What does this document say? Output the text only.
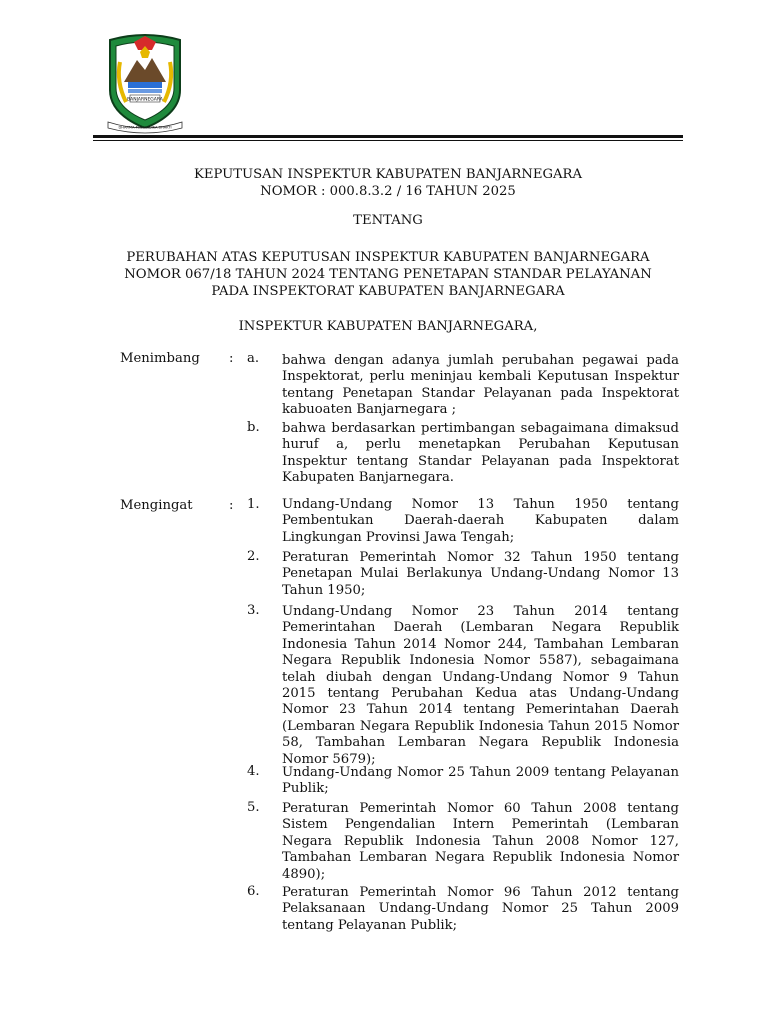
BANJARNEGARA
DHARMA MAHARDIKA BHAKTI
KEPUTUSAN INSPEKTUR KABUPATEN BANJARNEGARA
NOMOR : 000.8.3.2 / 16 TAHUN 2025
TENTANG
PERUBAHAN ATAS KEPUTUSAN INSPEKTUR KABUPATEN BANJARNEGARA
NOMOR 067/18 TAHUN 2024 TENTANG PENETAPAN STANDAR PELAYANAN
PADA INSPEKTORAT KABUPATEN BANJARNEGARA
INSPEKTUR KABUPATEN BANJARNEGARA,
Menimbang : a. bahwa dengan adanya jumlah perubahan pegawai pada Inspektorat, perlu meninjau kembali Keputusan Inspektur tentang Penetapan Standar Pelayanan pada Inspektorat kabuoaten Banjarnegara ;

b. bahwa berdasarkan pertimbangan sebagaimana dimaksud huruf a, perlu menetapkan Perubahan Keputusan Inspektur tentang Standar Pelayanan pada Inspektorat Kabupaten Banjarnegara.

Mengingat	: 1. Undang-Undang Nomor 13 Tahun 1950 tentang Pembentukan Daerah-daerah Kabupaten dalam Lingkungan Provinsi Jawa Tengah;

2. Peraturan Pemerintah Nomor 32 Tahun 1950 tentang Penetapan Mulai Berlakunya Undang-Undang Nomor 13 Tahun 1950;

3. Undang-Undang Nomor 23 Tahun 2014 tentang Pemerintahan Daerah (Lembaran Negara Republik Indonesia Tahun 2014 Nomor 244, Tambahan Lembaran Negara Republik Indonesia Nomor 5587), sebagaimana telah diubah dengan Undang-Undang Nomor 9 Tahun 2015 tentang Perubahan Kedua atas Undang-Undang Nomor 23 Tahun 2014 tentang Pemerintahan Daerah (Lembaran Negara Republik Indonesia Tahun 2015 Nomor 58, Tambahan Lembaran Negara Republik Indonesia Nomor 5679);

4. Undang-Undang Nomor 25 Tahun 2009 tentang Pelayanan Publik;

5. Peraturan Pemerintah Nomor 60 Tahun 2008 tentang Sistem Pengendalian Intern Pemerintah (Lembaran Negara Republik Indonesia Tahun 2008 Nomor 127, Tambahan Lembaran Negara Republik Indonesia Nomor 4890);

6. Peraturan Pemerintah Nomor 96 Tahun 2012 tentang Pelaksanaan Undang-Undang Nomor 25 Tahun 2009 tentang Pelayanan Publik;
